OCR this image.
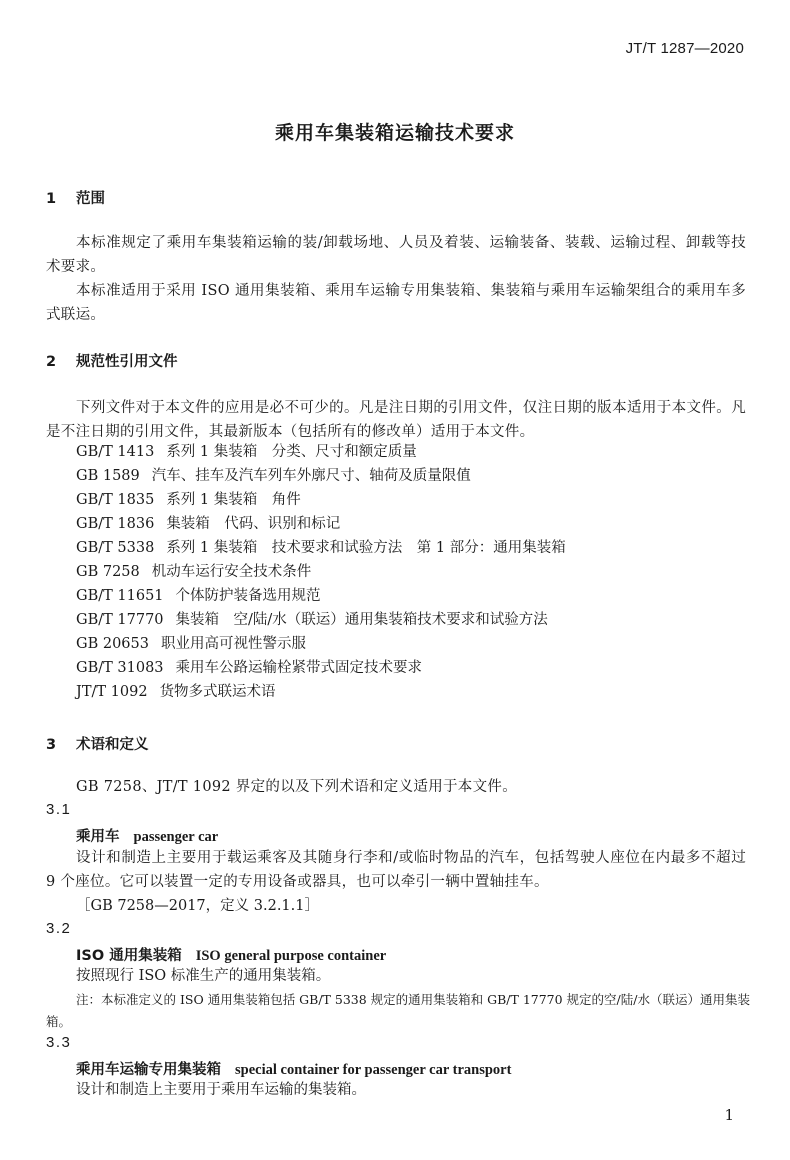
JT/T 1287—2020
乘用车集装箱运输技术要求
1 范围
本标准规定了乘用车集装箱运输的装/卸载场地、人员及着装、运输装备、装载、运输过程、卸载等技术要求。
本标准适用于采用 ISO 通用集装箱、乘用车运输专用集装箱、集装箱与乘用车运输架组合的乘用车多式联运。
2 规范性引用文件
下列文件对于本文件的应用是必不可少的。凡是注日期的引用文件，仅注日期的版本适用于本文件。凡是不注日期的引用文件，其最新版本（包括所有的修改单）适用于本文件。
GB/T 1413 系列 1 集装箱　分类、尺寸和额定质量
GB 1589 汽车、挂车及汽车列车外廓尺寸、轴荷及质量限值
GB/T 1835 系列 1 集装箱　角件
GB/T 1836 集装箱　代码、识别和标记
GB/T 5338 系列 1 集装箱　技术要求和试验方法　第 1 部分：通用集装箱
GB 7258 机动车运行安全技术条件
GB/T 11651 个体防护装备选用规范
GB/T 17770 集装箱　空/陆/水（联运）通用集装箱技术要求和试验方法
GB 20653 职业用高可视性警示服
GB/T 31083 乘用车公路运输栓紧带式固定技术要求
JT/T 1092 货物多式联运术语
3 术语和定义
GB 7258、JT/T 1092 界定的以及下列术语和定义适用于本文件。
3.1
乘用车 passenger car
设计和制造上主要用于载运乘客及其随身行李和/或临时物品的汽车，包括驾驶人座位在内最多不超过 9 个座位。它可以装置一定的专用设备或器具，也可以牵引一辆中置轴挂车。
［GB 7258—2017，定义 3.2.1.1］
3.2
ISO 通用集装箱 ISO general purpose container
按照现行 ISO 标准生产的通用集装箱。
注：本标准定义的 ISO 通用集装箱包括 GB/T 5338 规定的通用集装箱和 GB/T 17770 规定的空/陆/水（联运）通用集装箱。
3.3
乘用车运输专用集装箱 special container for passenger car transport
设计和制造上主要用于乘用车运输的集装箱。
1
